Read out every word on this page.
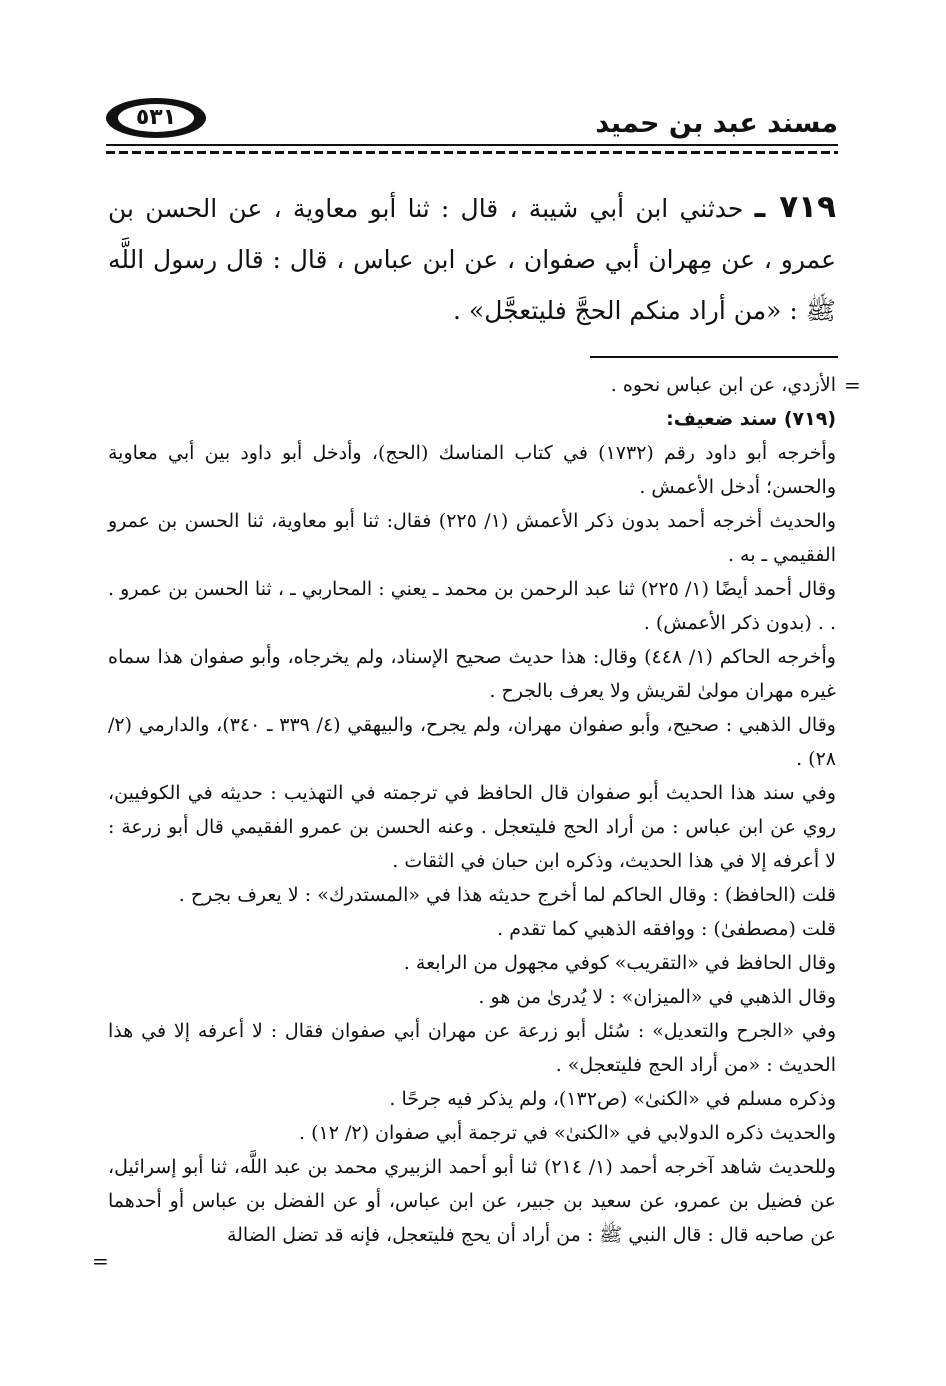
مسند عبد بن حميد
٥٣١
٧١٩ ـ حدثني ابن أبي شيبة ، قال : ثنا أبو معاوية ، عن الحسن بن عمرو ، عن مِهران أبي صفوان ، عن ابن عباس ، قال : قال رسول اللَّه ﷺ : «من أراد منكم الحجَّ فليتعجَّل» .
=

الأزدي، عن ابن عباس نحوه .

(٧١٩) سند ضعيف:

وأخرجه أبو داود رقم (١٧٣٢) في كتاب المناسك (الحج)، وأدخل أبو داود بين أبي معاوية والحسن؛ أدخل الأعمش .

والحديث أخرجه أحمد بدون ذكر الأعمش (١/ ٢٢٥) فقال: ثنا أبو معاوية، ثنا الحسن بن عمرو الفقيمي ـ به .

وقال أحمد أيضًا (١/ ٢٢٥) ثنا عبد الرحمن بن محمد ـ يعني : المحاربي ـ ، ثنا الحسن بن عمرو . . . (بدون ذكر الأعمش) .

وأخرجه الحاكم (١/ ٤٤٨) وقال: هذا حديث صحيح الإسناد، ولم يخرجاه، وأبو صفوان هذا سماه غيره مهران مولىٰ لقريش ولا يعرف بالجرح .

وقال الذهبي : صحيح، وأبو صفوان مهران، ولم يجرح، والبيهقي (٤/ ٣٣٩ ـ ٣٤٠)، والدارمي (٢/ ٢٨) .

وفي سند هذا الحديث أبو صفوان قال الحافظ في ترجمته في التهذيب : حديثه في الكوفيين، روي عن ابن عباس : من أراد الحج فليتعجل . وعنه الحسن بن عمرو الفقيمي قال أبو زرعة : لا أعرفه إلا في هذا الحديث، وذكره ابن حبان في الثقات .

قلت (الحافظ) : وقال الحاكم لما أخرج حديثه هذا في «المستدرك» : لا يعرف بجرح .

قلت (مصطفىٰ) : ووافقه الذهبي كما تقدم .

وقال الحافظ في «التقريب» كوفي مجهول من الرابعة .

وقال الذهبي في «الميزان» : لا يُدرىٰ من هو .

وفي «الجرح والتعديل» : سُئل أبو زرعة عن مهران أبي صفوان فقال : لا أعرفه إلا في هذا الحديث : «من أراد الحج فليتعجل» .

وذكره مسلم في «الكنىٰ» (ص١٣٢)، ولم يذكر فيه جرحًا .

والحديث ذكره الدولابي في «الكنىٰ» في ترجمة أبي صفوان (٢/ ١٢) .

وللحديث شاهد آخرجه أحمد (١/ ٢١٤) ثنا أبو أحمد الزبيري محمد بن عبد اللَّه، ثنا أبو إسرائيل، عن فضيل بن عمرو، عن سعيد بن جبير، عن ابن عباس، أو عن الفضل بن عباس أو أحدهما عن صاحبه قال : قال النبي ﷺ : من أراد أن يحج فليتعجل، فإنه قد تضل الضالة

=
